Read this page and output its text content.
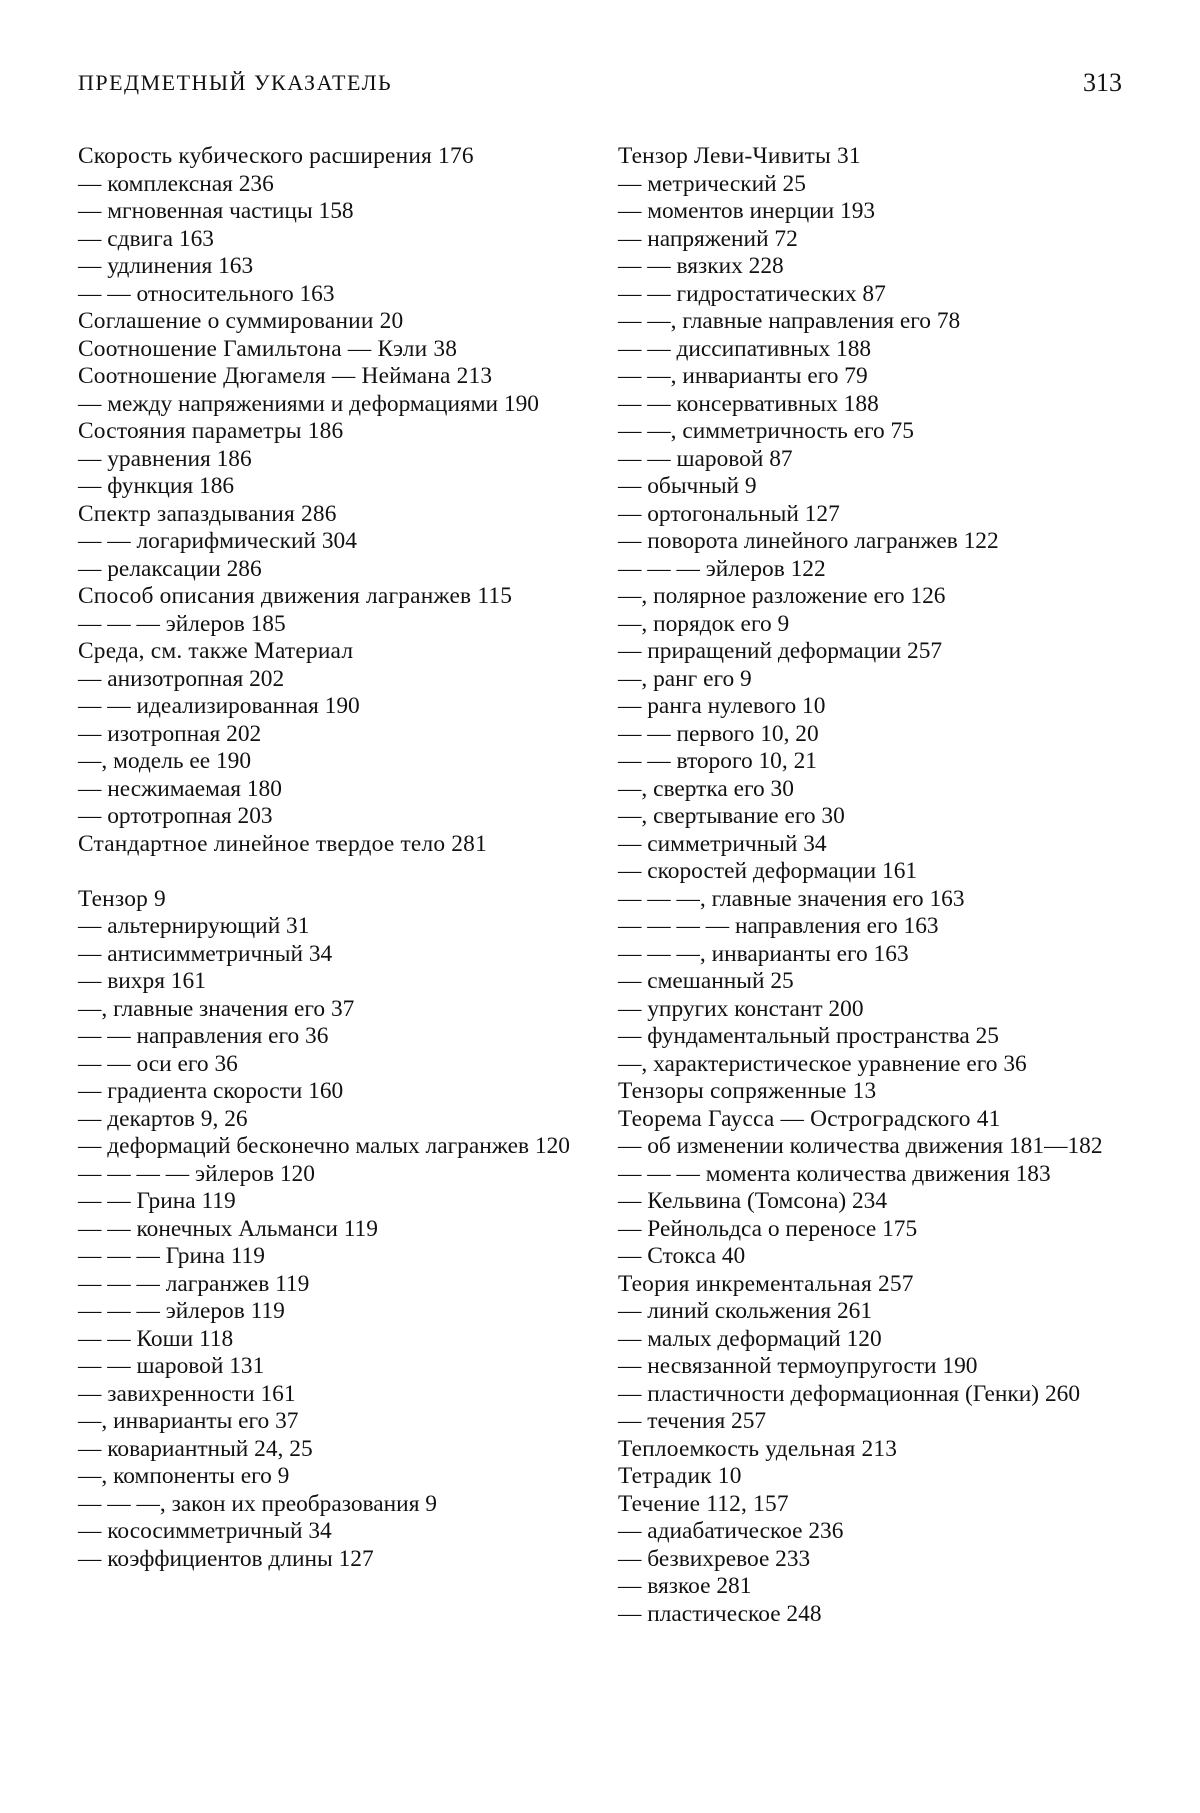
ПРЕДМЕТНЫЙ УКАЗАТЕЛЬ	313
Скорость кубического расширения 176
— комплексная 236
— мгновенная частицы 158
— сдвига 163
— удлинения 163
— — относительного 163
Соглашение о суммировании 20
Соотношение Гамильтона — Кэли 38
Соотношение Дюгамеля — Неймана 213
— между напряжениями и деформациями 190
Состояния параметры 186
— уравнения 186
— функция 186
Спектр запаздывания 286
— — логарифмический 304
— релаксации 286
Способ описания движения лагранжев 115
— — — эйлеров 185
Среда, см. также Материал
— анизотропная 202
— — идеализированная 190
— изотропная 202
—, модель ее 190
— несжимаемая 180
— ортотропная 203
Стандартное линейное твердое тело 281
Тензор 9
— альтернирующий 31
— антисимметричный 34
— вихря 161
—, главные значения его 37
— — направления его 36
— — оси его 36
— градиента скорости 160
— декартов 9, 26
— деформаций бесконечно малых лагранжев 120
— — — — эйлеров 120
— — Грина 119
— — конечных Альманси 119
— — — Грина 119
— — — лагранжев 119
— — — эйлеров 119
— — Коши 118
— — шаровой 131
— завихренности 161
—, инварианты его 37
— ковариантный 24, 25
—, компоненты его 9
— — —, закон их преобразования 9
— кососимметричный 34
— коэффициентов длины 127
Тензор Леви-Чивиты 31
— метрический 25
— моментов инерции 193
— напряжений 72
— — вязких 228
— — гидростатических 87
— —, главные направления его 78
— — диссипативных 188
— —, инварианты его 79
— — консервативных 188
— —, симметричность его 75
— — шаровой 87
— обычный 9
— ортогональный 127
— поворота линейного лагранжев 122
— — — эйлеров 122
—, полярное разложение его 126
—, порядок его 9
— приращений деформации 257
—, ранг его 9
— ранга нулевого 10
— — первого 10, 20
— — второго 10, 21
—, свертка его 30
—, свертывание его 30
— симметричный 34
— скоростей деформации 161
— — —, главные значения его 163
— — — — направления его 163
— — —, инварианты его 163
— смешанный 25
— упругих констант 200
— фундаментальный пространства 25
—, характеристическое уравнение его 36
Тензоры сопряженные 13
Теорема Гаусса — Остроградского 41
— об изменении количества движения 181—182
— — — момента количества движения 183
— Кельвина (Томсона) 234
— Рейнольдса о переносе 175
— Стокса 40
Теория инкрементальная 257
— линий скольжения 261
— малых деформаций 120
— несвязанной термоупругости 190
— пластичности деформационная (Генки) 260
— течения 257
Теплоемкость удельная 213
Тетрадик 10
Течение 112, 157
— адиабатическое 236
— безвихревое 233
— вязкое 281
— пластическое 248
